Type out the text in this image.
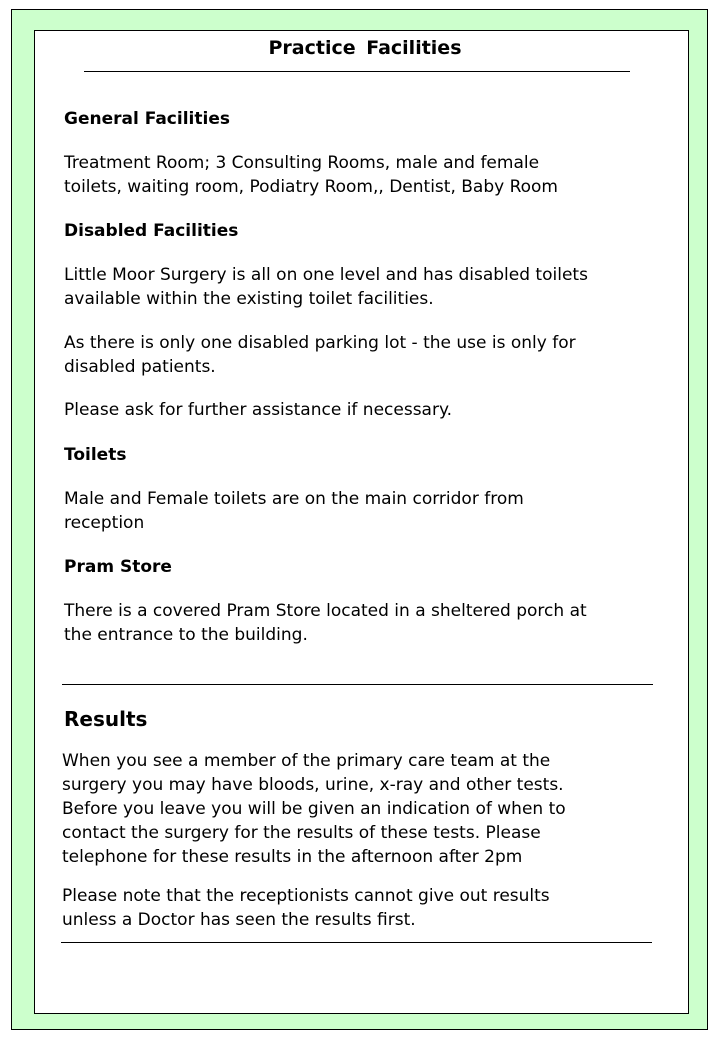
Practice Facilities
General Facilities
Treatment Room; 3 Consulting Rooms, male and female
toilets, waiting room, Podiatry Room,, Dentist, Baby Room
Disabled Facilities
Little Moor Surgery is all on one level and has disabled toilets
available within the existing toilet facilities.
As there is only one disabled parking lot - the use is only for
disabled patients.
Please ask for further assistance if necessary.
Toilets
Male and Female toilets are on the main corridor from
reception
Pram Store
There is a covered Pram Store located in a sheltered porch at
the entrance to the building.
Results
When you see a member of the primary care team at the
surgery you may have bloods, urine, x-ray and other tests.
Before you leave you will be given an indication of when to
contact the surgery for the results of these tests. Please
telephone for these results in the afternoon after 2pm
Please note that the receptionists cannot give out results
unless a Doctor has seen the results first.
